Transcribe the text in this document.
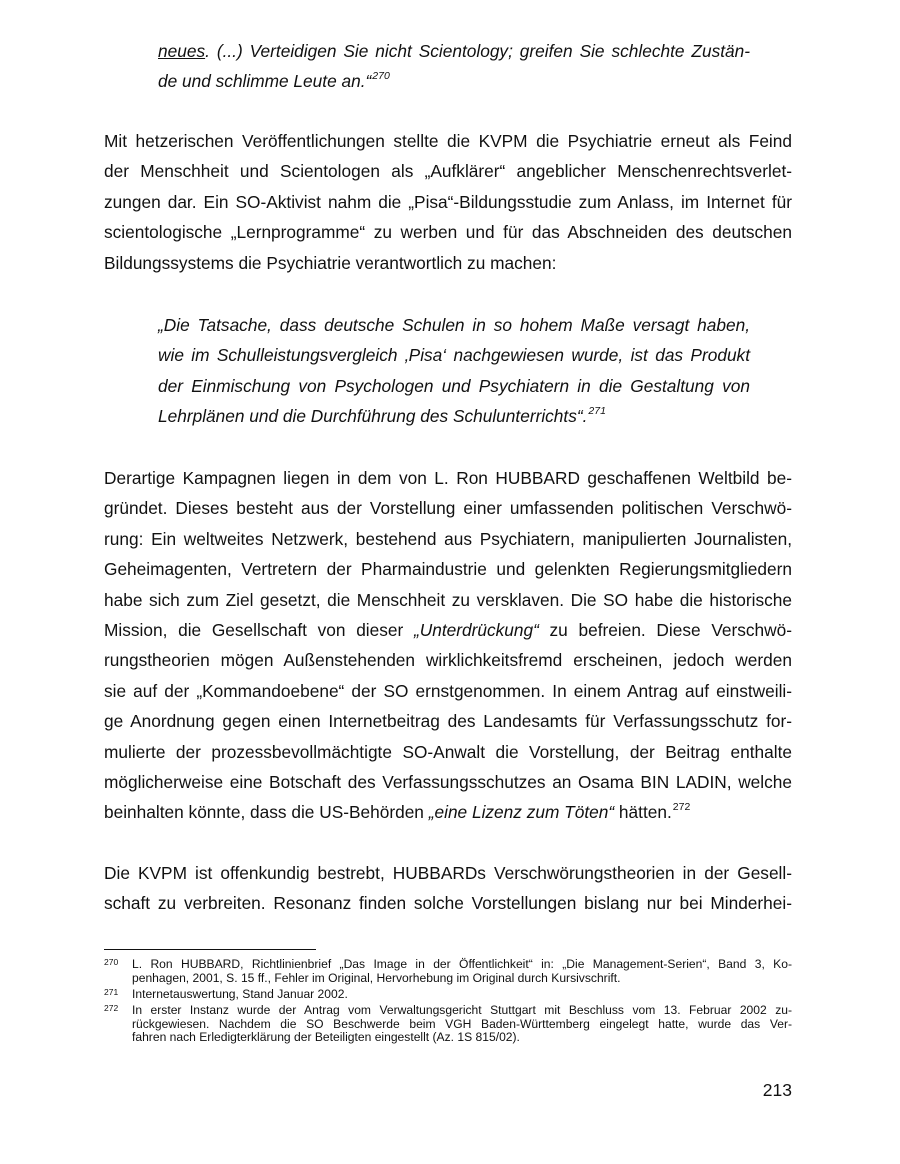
neues. (...) Verteidigen Sie nicht Scientology; greifen Sie schlechte Zustän-
de und schlimme Leute an.“$^{270}$
Mit hetzerischen Veröffentlichungen stellte die KVPM die Psychiatrie erneut als Feind
der Menschheit und Scientologen als „Aufklärer“ angeblicher Menschenrechtsverlet-
zungen dar. Ein SO-Aktivist nahm die „Pisa“-Bildungsstudie zum Anlass, im Internet für
scientologische „Lernprogramme“ zu werben und für das Abschneiden des deutschen
Bildungssystems die Psychiatrie verantwortlich zu machen:
„Die Tatsache, dass deutsche Schulen in so hohem Maße versagt haben,
wie im Schulleistungsvergleich ‚Pisa‘ nachgewiesen wurde, ist das Produkt
der Einmischung von Psychologen und Psychiatern in die Gestaltung von
Lehrplänen und die Durchführung des Schulunterrichts“.$^{271}$
Derartige Kampagnen liegen in dem von L. Ron HUBBARD geschaffenen Weltbild be-
gründet. Dieses besteht aus der Vorstellung einer umfassenden politischen Verschwö-
rung: Ein weltweites Netzwerk, bestehend aus Psychiatern, manipulierten Journalisten,
Geheimagenten, Vertretern der Pharmaindustrie und gelenkten Regierungsmitgliedern
habe sich zum Ziel gesetzt, die Menschheit zu versklaven. Die SO habe die historische
Mission, die Gesellschaft von dieser „Unterdrückung“ zu befreien. Diese Verschwö-
rungstheorien mögen Außenstehenden wirklichkeitsfremd erscheinen, jedoch werden
sie auf der „Kommandoebene“ der SO ernstgenommen. In einem Antrag auf einstweili-
ge Anordnung gegen einen Internetbeitrag des Landesamts für Verfassungsschutz for-
mulierte der prozessbevollmächtigte SO-Anwalt die Vorstellung, der Beitrag enthalte
möglicherweise eine Botschaft des Verfassungsschutzes an Osama BIN LADIN, welche
beinhalten könnte, dass die US-Behörden „eine Lizenz zum Töten“ hätten.$^{272}$
Die KVPM ist offenkundig bestrebt, HUBBARDs Verschwörungstheorien in der Gesell-
schaft zu verbreiten. Resonanz finden solche Vorstellungen bislang nur bei Minderhei-
270 L. Ron HUBBARD, Richtlinienbrief „Das Image in der Öffentlichkeit“ in: „Die Management-Serien“, Band 3, Ko-
penhagen, 2001, S. 15 ff., Fehler im Original, Hervorhebung im Original durch Kursivschrift.
271 Internetauswertung, Stand Januar 2002.
272 In erster Instanz wurde der Antrag vom Verwaltungsgericht Stuttgart mit Beschluss vom 13. Februar 2002 zu-
rückgewiesen. Nachdem die SO Beschwerde beim VGH Baden-Württemberg eingelegt hatte, wurde das Ver-
fahren nach Erledigterklärung der Beteiligten eingestellt (Az. 1S 815/02).
213
